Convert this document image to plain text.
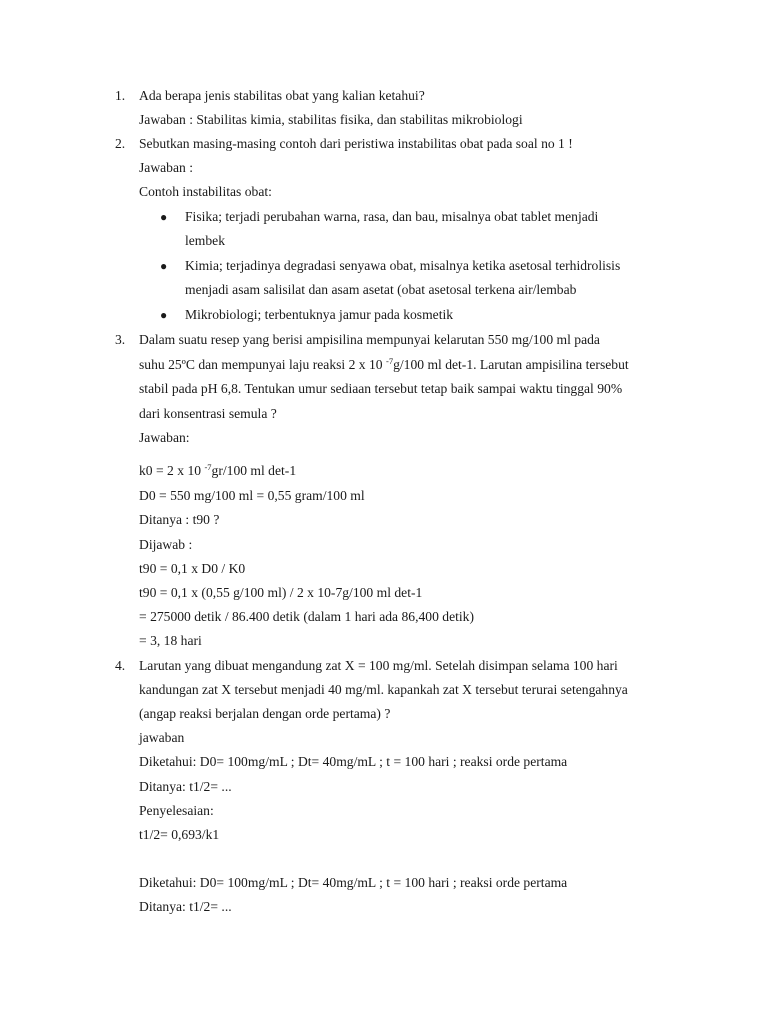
1. Ada berapa jenis stabilitas obat yang kalian ketahui?
Jawaban : Stabilitas kimia, stabilitas fisika, dan stabilitas mikrobiologi
2. Sebutkan masing-masing contoh dari peristiwa instabilitas obat pada soal no 1 !
Jawaban :
Contoh instabilitas obat:
● Fisika; terjadi perubahan warna, rasa, dan bau, misalnya obat tablet menjadi
lembek
● Kimia; terjadinya degradasi senyawa obat, misalnya ketika asetosal terhidrolisis
menjadi asam salisilat dan asam asetat (obat asetosal terkena air/lembab
● Mikrobiologi; terbentuknya jamur pada kosmetik
3. Dalam suatu resep yang berisi ampisilina mempunyai kelarutan 550 mg/100 ml pada
suhu 25ºC dan mempunyai laju reaksi 2 x 10 $^{-7}$g/100 ml det-1. Larutan ampisilina tersebut
stabil pada pH 6,8. Tentukan umur sediaan tersebut tetap baik sampai waktu tinggal 90%
dari konsentrasi semula ?
Jawaban:
k0 = 2 x 10 $^{-7}$gr/100 ml det-1
D0 = 550 mg/100 ml = 0,55 gram/100 ml
Ditanya : t90 ?
Dijawab :
t90 = 0,1 x D0 / K0
t90 = 0,1 x (0,55 g/100 ml) / 2 x 10-7g/100 ml det-1
= 275000 detik / 86.400 detik (dalam 1 hari ada 86,400 detik)
= 3, 18 hari
4. Larutan yang dibuat mengandung zat X = 100 mg/ml. Setelah disimpan selama 100 hari
kandungan zat X tersebut menjadi 40 mg/ml. kapankah zat X tersebut terurai setengahnya
(angap reaksi berjalan dengan orde pertama) ?
jawaban
Diketahui: D0= 100mg/mL ; Dt= 40mg/mL ; t = 100 hari ; reaksi orde pertama
Ditanya: t1/2= ...
Penyelesaian:
t1/2= 0,693/k1
Diketahui: D0= 100mg/mL ; Dt= 40mg/mL ; t = 100 hari ; reaksi orde pertama
Ditanya: t1/2= ...
